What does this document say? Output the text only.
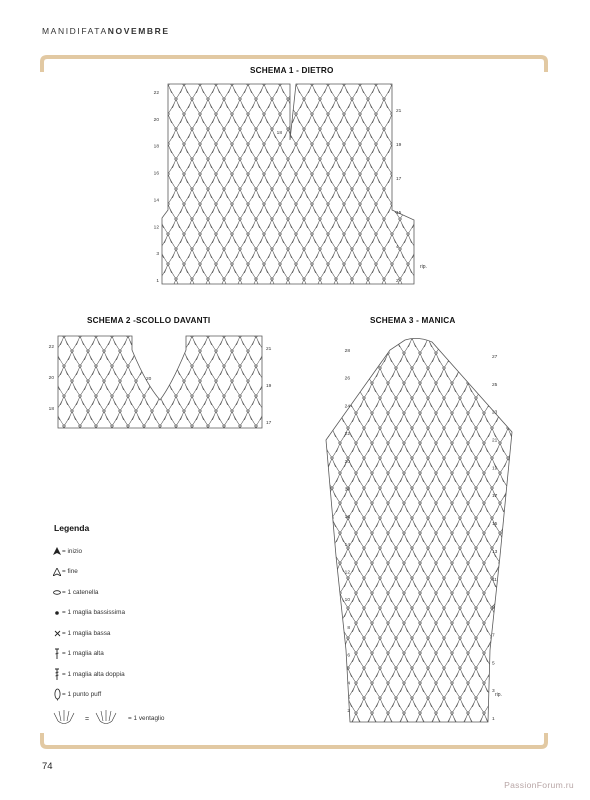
MANIDIFATANOVEMBRE
SCHEMA 1 - DIETRO
rip.
22
20
18
16
14
12
3
1
21
19
17
15
4
2
18
SCHEMA 2 -SCOLLO DAVANTI
22
20
18
21
19
17
20
SCHEMA 3 - MANICA
rip.
28
26
24
22
20
18
16
14
12
10
8
6
4
2
27
25
23
21
19
17
15
13
11
9
7
5
3
1
Legenda
= inizio
= fine
= 1 catenella
= 1 maglia bassissima
= 1 maglia bassa
= 1 maglia alta
= 1 maglia alta doppia
= 1 punto puff
=	= 1 ventaglio
74
PassionForum.ru
